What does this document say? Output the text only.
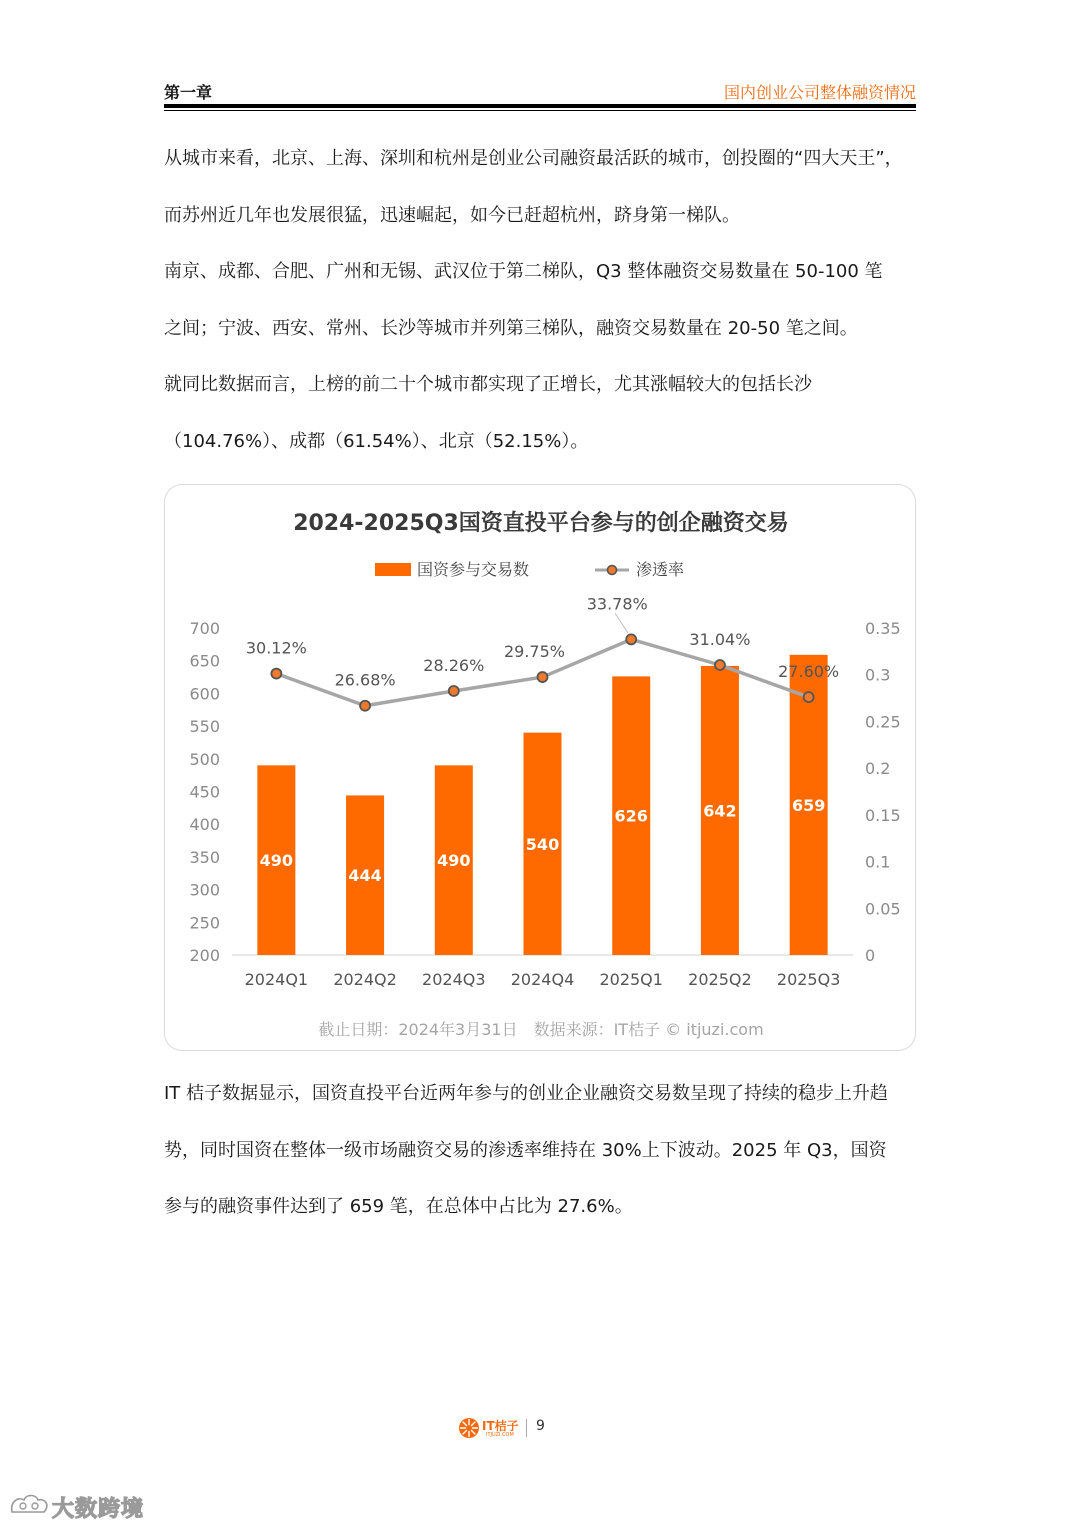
第一章	国内创业公司整体融资情况

从城市来看，北京、上海、深圳和杭州是创业公司融资最活跃的城市，创投圈的“四大天王”，

而苏州近几年也发展很猛，迅速崛起，如今已赶超杭州，跻身第一梯队。

南京、成都、合肥、广州和无锡、武汉位于第二梯队，Q3 整体融资交易数量在 50-100 笔

之间；宁波、西安、常州、长沙等城市并列第三梯队，融资交易数量在 20-50 笔之间。

就同比数据而言，上榜的前二十个城市都实现了正增长，尤其涨幅较大的包括长沙

（104.76%）、成都（61.54%）、北京（52.15%）。

2024-2025Q3国资直投平台参与的创企融资交易
国资参与交易数	渗透率
700
650
600
550
500
450
400
350
300
250
200
0.35
0.3
0.25
0.2
0.15
0.1
0.05
0
2024Q1
490
2024Q2
444
2024Q3
490
2024Q4
540
2025Q1
626
2025Q2
642
2025Q3
659
30.12%
26.68%
28.26%
29.75%
33.78%
31.04%
27.60%
截止日期：2024年3月31日　数据来源：IT桔子 © itjuzi.com

IT 桔子数据显示，国资直投平台近两年参与的创业企业融资交易数呈现了持续的稳步上升趋

势，同时国资在整体一级市场融资交易的渗透率维持在 30%上下波动。2025 年 Q3，国资

参与的融资事件达到了 659 笔，在总体中占比为 27.6%。

IT桔子
ITJUZI.COM
9
大数跨境
